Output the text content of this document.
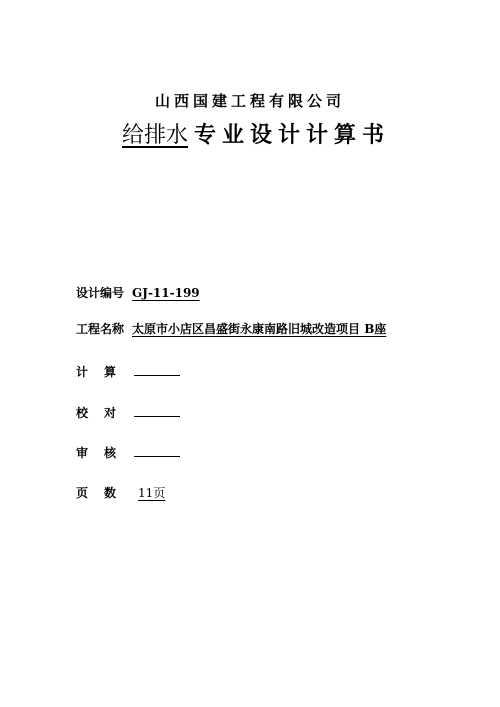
山西国建工程有限公司
给排水 专业设计计算书
设计编号 GJ-11-199
工程名称 太原市小店区昌盛街永康南路旧城改造项目 B座
计算
校对
审核
页数 11页
